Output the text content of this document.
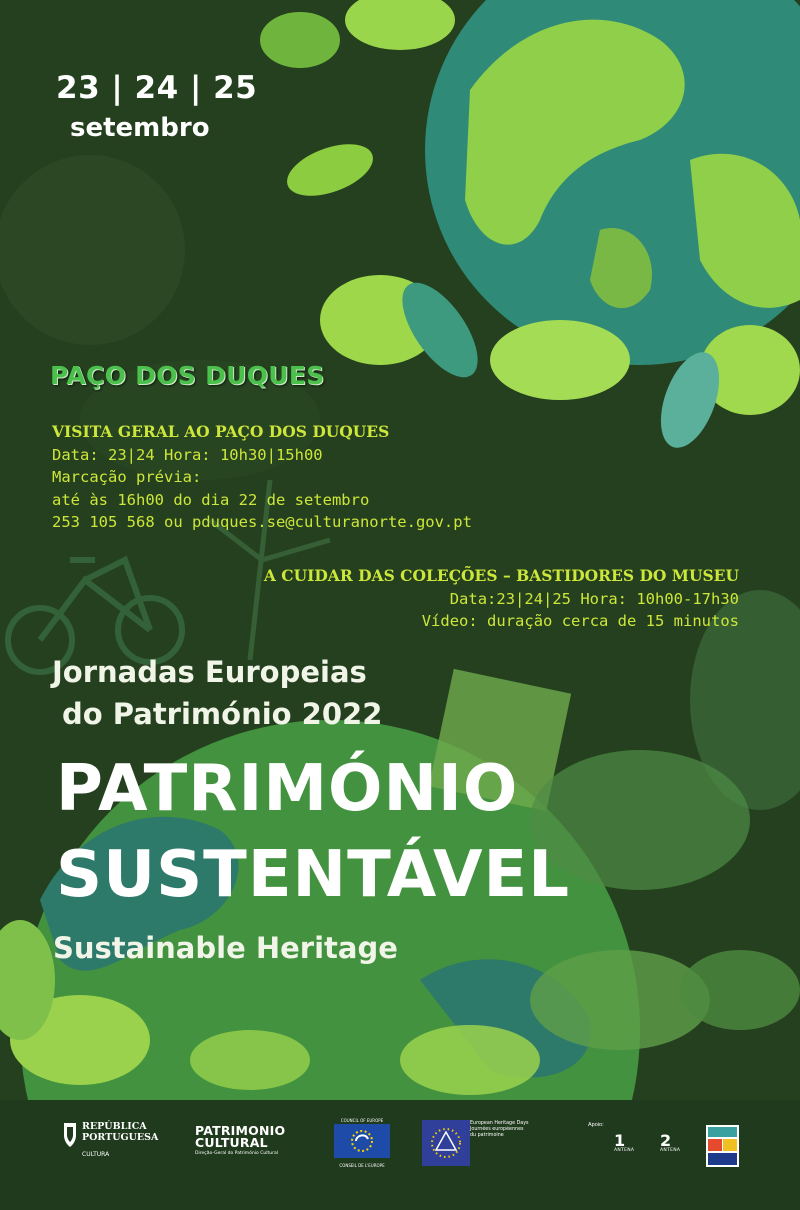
23 | 24 | 25
setembro
PAÇO DOS DUQUES
VISITA GERAL AO PAÇO DOS DUQUES
Data: 23|24 Hora: 10h30|15h00
Marcação prévia:
até às 16h00 do dia 22 de setembro
253 105 568 ou pduques.se@culturanorte.gov.pt
A CUIDAR DAS COLEÇÕES – BASTIDORES DO MUSEU
Data:23|24|25 Hora: 10h00-17h30
Vídeo: duração cerca de 15 minutos
Jornadas Europeias
do Património 2022
PATRIMÓNIO
SUSTENTÁVEL
Sustainable Heritage
REPÚBLICA
PORTUGUESA
CULTURA
PATRIMONIO
CULTURAL
Direção-Geral do Património Cultural
COUNCIL OF EUROPE
CONSEIL DE L'EUROPE
European Heritage Days
Journées européennes
du patrimoine
Apoio:
1
ANTENA
2
ANTENA
